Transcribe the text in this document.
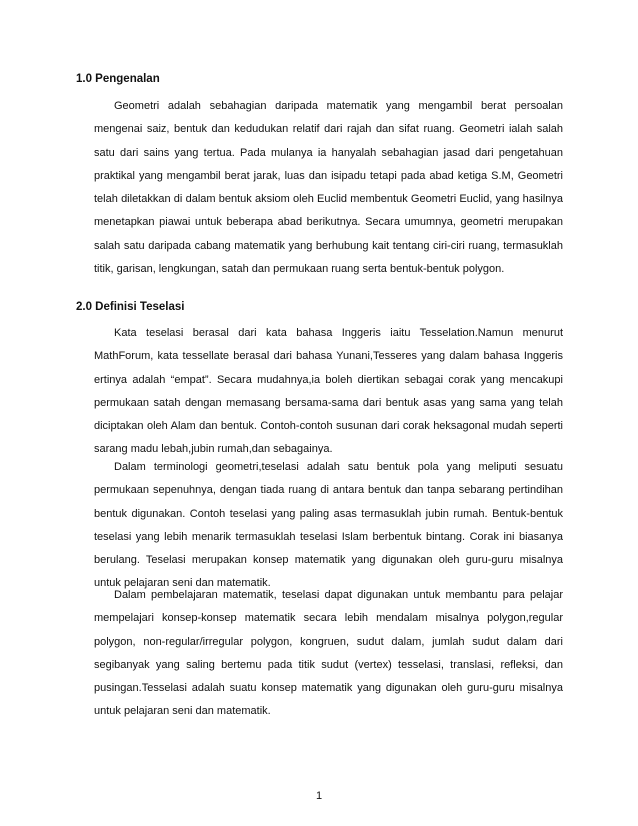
1.0 Pengenalan

Geometri adalah sebahagian daripada matematik yang mengambil berat persoalan mengenai saiz, bentuk dan kedudukan relatif dari rajah dan sifat ruang. Geometri ialah salah satu dari sains yang tertua. Pada mulanya ia hanyalah sebahagian jasad dari pengetahuan praktikal yang mengambil berat jarak, luas dan isipadu tetapi pada abad ketiga S.M, Geometri telah diletakkan di dalam bentuk aksiom oleh Euclid membentuk Geometri Euclid, yang hasilnya menetapkan piawai untuk beberapa abad berikutnya. Secara umumnya, geometri merupakan salah satu daripada cabang matematik yang berhubung kait tentang ciri-ciri ruang, termasuklah titik, garisan, lengkungan, satah dan permukaan ruang serta bentuk-bentuk polygon.

2.0 Definisi Teselasi

Kata teselasi berasal dari kata bahasa Inggeris iaitu Tesselation.Namun menurut MathForum, kata tessellate berasal dari bahasa Yunani,Tesseres yang dalam bahasa Inggeris ertinya adalah “empat”. Secara mudahnya,ia boleh diertikan sebagai corak yang mencakupi permukaan satah dengan memasang bersama-sama dari bentuk asas yang sama yang telah diciptakan oleh Alam dan bentuk. Contoh-contoh susunan dari corak heksagonal mudah seperti sarang madu lebah,jubin rumah,dan sebagainya.

Dalam terminologi geometri,teselasi adalah satu bentuk pola yang meliputi sesuatu permukaan sepenuhnya, dengan tiada ruang di antara bentuk dan tanpa sebarang pertindihan bentuk digunakan. Contoh teselasi yang paling asas termasuklah jubin rumah. Bentuk-bentuk teselasi yang lebih menarik termasuklah teselasi Islam berbentuk bintang. Corak ini biasanya berulang. Teselasi merupakan konsep matematik yang digunakan oleh guru-guru misalnya untuk pelajaran seni dan matematik.

Dalam pembelajaran matematik, teselasi dapat digunakan untuk membantu para pelajar mempelajari konsep-konsep matematik secara lebih mendalam misalnya polygon,regular polygon, non-regular/irregular polygon, kongruen, sudut dalam, jumlah sudut dalam dari segibanyak yang saling bertemu pada titik sudut (vertex) tesselasi, translasi, refleksi, dan pusingan.Tesselasi adalah suatu konsep matematik yang digunakan oleh guru-guru misalnya untuk pelajaran seni dan matematik.

1
